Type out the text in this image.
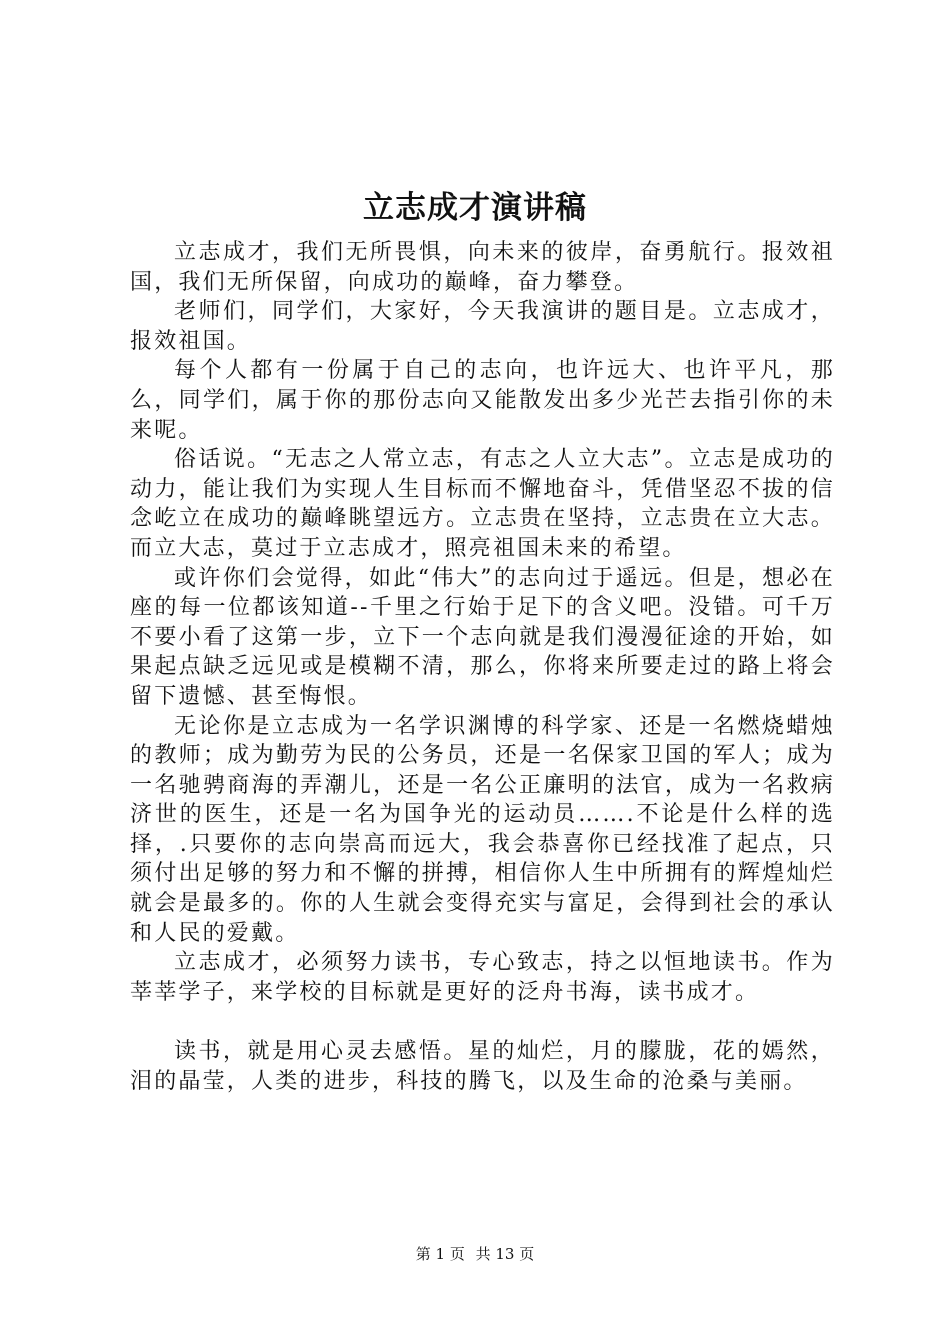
立志成才演讲稿

立志成才，我们无所畏惧，向未来的彼岸，奋勇航行。报效祖国，我们无所保留，向成功的巅峰，奋力攀登。

老师们，同学们，大家好，今天我演讲的题目是。立志成才，报效祖国。

每个人都有一份属于自己的志向，也许远大、也许平凡，那么，同学们，属于你的那份志向又能散发出多少光芒去指引你的未来呢。

俗话说。“无志之人常立志，有志之人立大志”。立志是成功的动力，能让我们为实现人生目标而不懈地奋斗，凭借坚忍不拔的信念屹立在成功的巅峰眺望远方。立志贵在坚持，立志贵在立大志。而立大志，莫过于立志成才，照亮祖国未来的希望。

或许你们会觉得，如此“伟大”的志向过于遥远。但是，想必在座的每一位都该知道--千里之行始于足下的含义吧。没错。可千万不要小看了这第一步，立下一个志向就是我们漫漫征途的开始，如果起点缺乏远见或是模糊不清，那么，你将来所要走过的路上将会留下遗憾、甚至悔恨。

无论你是立志成为一名学识渊博的科学家、还是一名燃烧蜡烛的教师；成为勤劳为民的公务员，还是一名保家卫国的军人；成为一名驰骋商海的弄潮儿，还是一名公正廉明的法官，成为一名救病济世的医生，还是一名为国争光的运动员…….不论是什么样的选择，.只要你的志向崇高而远大，我会恭喜你已经找准了起点，只须付出足够的努力和不懈的拼搏，相信你人生中所拥有的辉煌灿烂就会是最多的。你的人生就会变得充实与富足，会得到社会的承认和人民的爱戴。

立志成才，必须努力读书，专心致志，持之以恒地读书。作为莘莘学子，来学校的目标就是更好的泛舟书海，读书成才。

读书，就是用心灵去感悟。星的灿烂，月的朦胧，花的嫣然，泪的晶莹，人类的进步，科技的腾飞，以及生命的沧桑与美丽。

第 1 页 共 13 页
